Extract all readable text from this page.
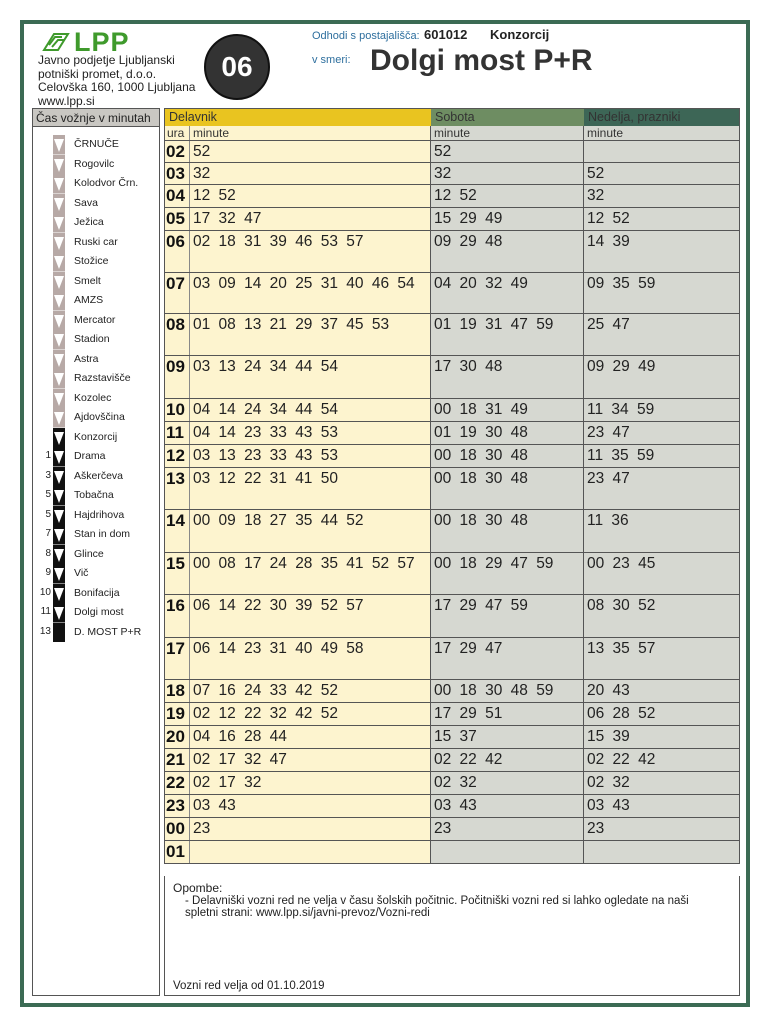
LPP
Javno podjetje Ljubljanski
potniški promet, d.o.o.
Celovška 160, 1000 Ljubljana
www.lpp.si
06
Odhodi s postajališča: 601012 Konzorcij
v smeri: Dolgi most P+R
Čas vožnje v minutah
ČRNUČE
Rogovilc
Kolodvor Črn.
Sava
Ježica
Ruski car
Stožice
Smelt
AMZS
Mercator
Stadion
Astra
Razstavišče
Kozolec
Ajdovščina
Konzorcij
1 Drama
3 Aškerčeva
5 Tobačna
5 Hajdrihova
7 Stan in dom
8 Glince
9 Vič
10 Bonifacija
11 Dolgi most
13 D. MOST P+R
Delavnik	Sobota	Nedelja, prazniki
ura minute	minute	minute
02 52	52
03 32	32	52
04 12 52	12 52	32
05 17 32 47	15 29 49	12 52
06 02 18 31 39 46 53 57	09 29 48	14 39
07 03 09 14 20 25 31 40 46 54	04 20 32 49	09 35 59
08 01 08 13 21 29 37 45 53	01 19 31 47 59	25 47
09 03 13 24 34 44 54	17 30 48	09 29 49
10 04 14 24 34 44 54	00 18 31 49	11 34 59
11 04 14 23 33 43 53	01 19 30 48	23 47
12 03 13 23 33 43 53	00 18 30 48	11 35 59
13 03 12 22 31 41 50	00 18 30 48	23 47
14 00 09 18 27 35 44 52	00 18 30 48	11 36
15 00 08 17 24 28 35 41 52 57	00 18 29 47 59	00 23 45
16 06 14 22 30 39 52 57	17 29 47 59	08 30 52
17 06 14 23 31 40 49 58	17 29 47	13 35 57
18 07 16 24 33 42 52	00 18 30 48 59	20 43
19 02 12 22 32 42 52	17 29 51	06 28 52
20 04 16 28 44	15 37	15 39
21 02 17 32 47	02 22 42	02 22 42
22 02 17 32	02 32	02 32
23 03 43	03 43	03 43
00 23	23	23
01
Opombe:
- Delavniški vozni red ne velja v času šolskih počitnic. Počitniški vozni red si lahko ogledate na naši spletni strani: www.lpp.si/javni-prevoz/Vozni-redi
Vozni red velja od 01.10.2019
